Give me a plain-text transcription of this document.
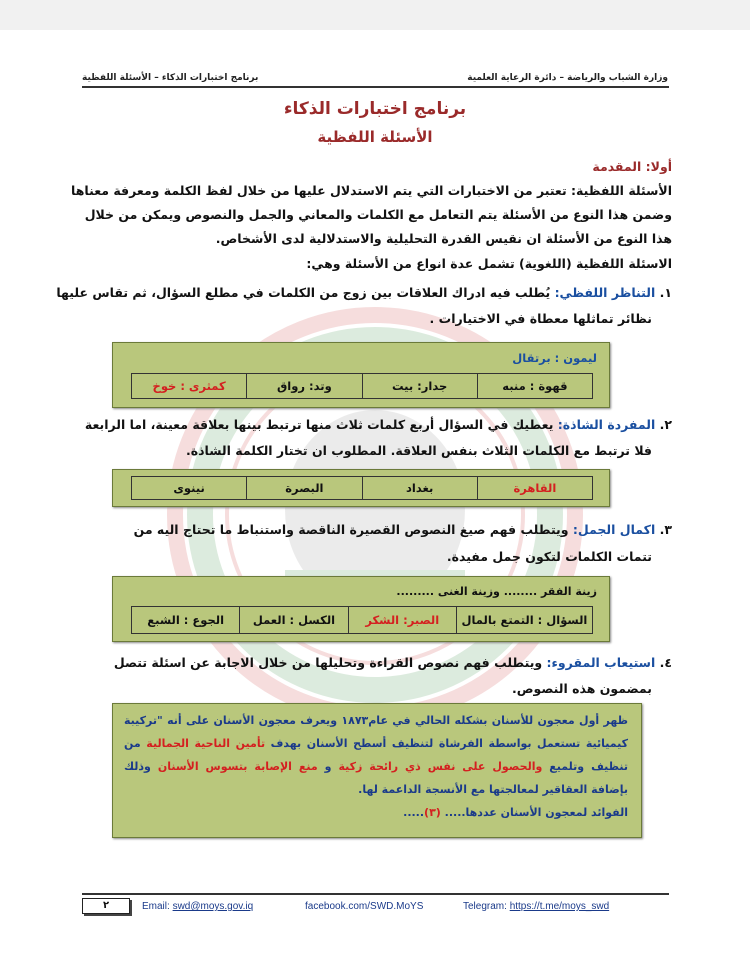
وزارة الشباب والرياضة – دائرة الرعاية العلمية
برنامج اختبارات الذكاء – الأسئلة اللفظية
برنامج اختبارات الذكاء
الأسئلة اللفظية
أولا: المقدمة
الأسئلة اللفظية: تعتبر من الاختبارات التي يتم الاستدلال عليها من خلال لفظ الكلمة ومعرفة معناها
وضمن هذا النوع من الأسئلة يتم التعامل مع الكلمات والمعاني والجمل والنصوص ويمكن من خلال
هذا النوع من الأسئلة ان نقيس القدرة التحليلية والاستدلالية لدى الأشخاص.
الاسئلة اللفظية (اللغوية) تشمل عدة انواع من الأسئلة وهي:
١. التناظر اللفظي: يُطلب فيه ادراك العلاقات بين زوج من الكلمات في مطلع السؤال، ثم تقاس عليها
نظائر تماثلها معطاة في الاختيارات .
ليمون : برتقال
قهوة : منبه
جدار: بيت
وتد: رواق
كمثرى : خوخ
٢. المفردة الشاذة: يعطيك في السؤال أربع كلمات ثلاث منها ترتبط بينها بعلاقة معينة، اما الرابعة
فلا ترتبط مع الكلمات الثلاث بنفس العلاقة. المطلوب ان تختار الكلمة الشاذة.
القاهرة
بغداد
البصرة
نينوى
٣. اكمال الجمل: ويتطلب فهم صيغ النصوص القصيرة الناقصة واستنباط ما تحتاج اليه من
تتمات الكلمات لتكون جمل مفيدة.
زينة الفقر ........ وزينة الغنى .........
السؤال : التمتع بالمال
الصبر: الشكر
الكسل : العمل
الجوع : الشبع
٤. استيعاب المقروء: ويتطلب فهم نصوص القراءة وتحليلها من خلال الاجابة عن اسئلة تتصل
بمضمون هذه النصوص.
ظهر أول معجون للأسنان بشكله الحالي في عام١٨٧٣ ويعرف معجون الأسنان على أنه "تركيبة كيميائية تستعمل بواسطة الفرشاة لتنظيف أسطح الأسنان بهدف تأمين الناحية الجمالية من تنظيف وتلميع والحصول على نفس ذي رائحة زكية و منع الإصابة بتسوس الأسنان وذلك بإضافة العقاقير لمعالجتها مع الأنسجة الداعمة لها.
الفوائد لمعجون الأسنان عددها..... (٣).....
٢	Email: swd@moys.gov.iq	facebook.com/SWD.MoYS	Telegram: https://t.me/moys_swd
